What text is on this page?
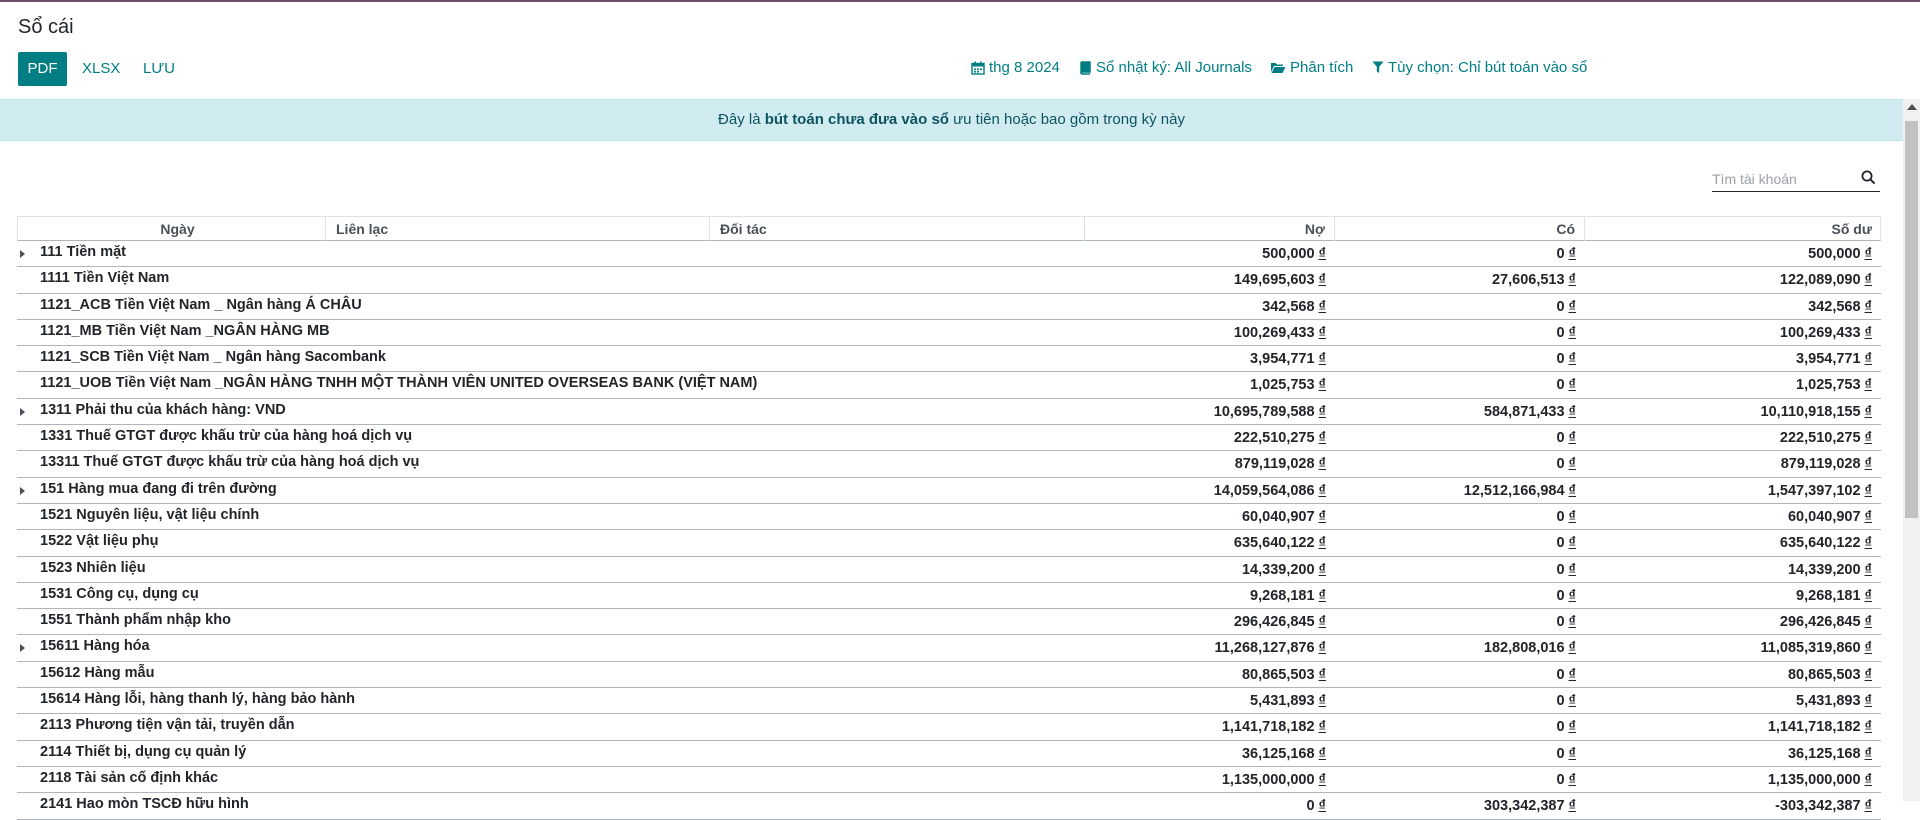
Sổ cái
PDF	XLSX LƯU	thg 8 2024 Sổ nhật ký: All Journals	Phân tích Tùy chọn: Chỉ bút toán vào sổ
Đây là bút toán chưa đưa vào sổ ưu tiên hoặc bao gồm trong kỳ này
Tìm tài khoản
Ngày	Liên lạc	Đối tác	Nợ	Có	Số dư
111 Tiền mặt	500,000 ₫	0 ₫	500,000 ₫
1111 Tiền Việt Nam	149,695,603 ₫	27,606,513 ₫	122,089,090 ₫
1121_ACB Tiền Việt Nam _ Ngân hàng Á CHÂU	342,568 ₫	0 ₫	342,568 ₫
1121_MB Tiền Việt Nam _NGÂN HÀNG MB	100,269,433 ₫	0 ₫	100,269,433 ₫
1121_SCB Tiền Việt Nam _ Ngân hàng Sacombank	3,954,771 ₫	0 ₫	3,954,771 ₫
1121_UOB Tiền Việt Nam _NGÂN HÀNG TNHH MỘT THÀNH VIÊN UNITED OVERSEAS BANK (VIỆT NAM)	1,025,753 ₫	0 ₫	1,025,753 ₫
1311 Phải thu của khách hàng: VND	10,695,789,588 ₫	584,871,433 ₫	10,110,918,155 ₫
1331 Thuế GTGT được khấu trừ của hàng hoá dịch vụ	222,510,275 ₫	0 ₫	222,510,275 ₫
13311 Thuế GTGT được khấu trừ của hàng hoá dịch vụ	879,119,028 ₫	0 ₫	879,119,028 ₫
151 Hàng mua đang đi trên đường	14,059,564,086 ₫	12,512,166,984 ₫	1,547,397,102 ₫
1521 Nguyên liệu, vật liệu chính	60,040,907 ₫	0 ₫	60,040,907 ₫
1522 Vật liệu phụ	635,640,122 ₫	0 ₫	635,640,122 ₫
1523 Nhiên liệu	14,339,200 ₫	0 ₫	14,339,200 ₫
1531 Công cụ, dụng cụ	9,268,181 ₫	0 ₫	9,268,181 ₫
1551 Thành phẩm nhập kho	296,426,845 ₫	0 ₫	296,426,845 ₫
15611 Hàng hóa	11,268,127,876 ₫	182,808,016 ₫	11,085,319,860 ₫
15612 Hàng mẫu	80,865,503 ₫	0 ₫	80,865,503 ₫
15614 Hàng lỗi, hàng thanh lý, hàng bảo hành	5,431,893 ₫	0 ₫	5,431,893 ₫
2113 Phương tiện vận tải, truyền dẫn	1,141,718,182 ₫	0 ₫	1,141,718,182 ₫
2114 Thiết bị, dụng cụ quản lý	36,125,168 ₫	0 ₫	36,125,168 ₫
2118 Tài sản cố định khác	1,135,000,000 ₫	0 ₫	1,135,000,000 ₫
2141 Hao mòn TSCĐ hữu hình	0 ₫	303,342,387 ₫	-303,342,387 ₫
